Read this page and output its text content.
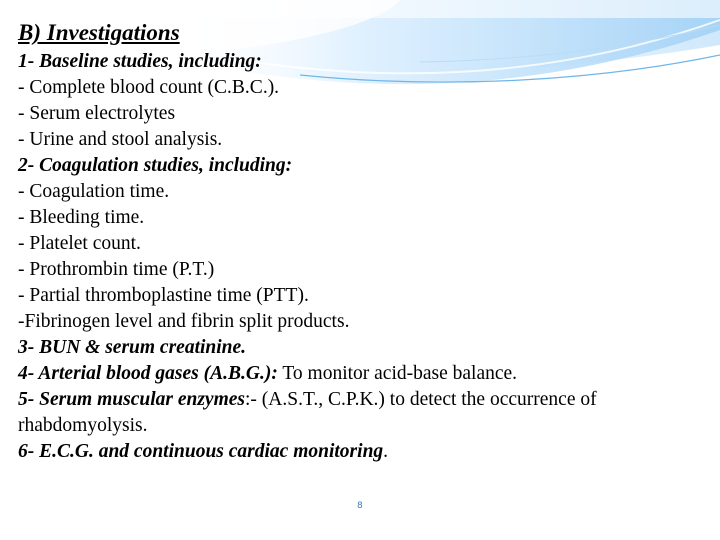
B) Investigations
1- Baseline studies, including:
- Complete blood count (C.B.C.).
- Serum electrolytes
- Urine and stool analysis.
2- Coagulation studies, including:
- Coagulation time.
- Bleeding time.
- Platelet count.
- Prothrombin time (P.T.)
- Partial thromboplastine time (PTT).
-Fibrinogen level and fibrin split products.
3- BUN & serum creatinine.
4- Arterial blood gases (A.B.G.): To monitor acid-base balance.
5- Serum muscular enzymes:- (A.S.T., C.P.K.) to detect the occurrence of rhabdomyolysis.
6- E.C.G. and continuous cardiac monitoring.
8
